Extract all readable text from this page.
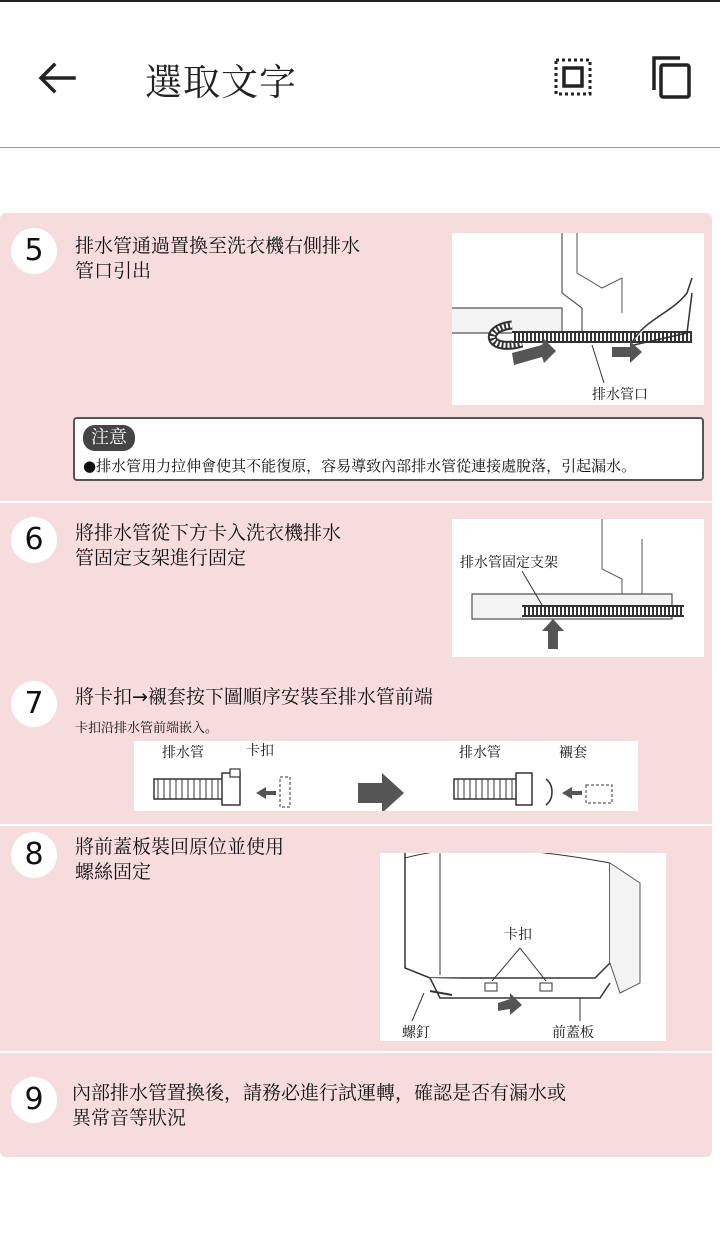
選取文字
5	排水管通過置換至洗衣機右側排水
管口引出
排水管口
注意
●排水管用力拉伸會使其不能復原，容易導致內部排水管從連接處脫落，引起漏水。
6	將排水管從下方卡入洗衣機排水
管固定支架進行固定	排水管固定支架
7	將卡扣→襯套按下圖順序安裝至排水管前端
卡扣沿排水管前端嵌入。
排水管	卡扣	排水管	襯套
8	將前蓋板裝回原位並使用
螺絲固定
卡扣
螺釘	前蓋板
9	內部排水管置換後，請務必進行試運轉，確認是否有漏水或
異常音等狀況
